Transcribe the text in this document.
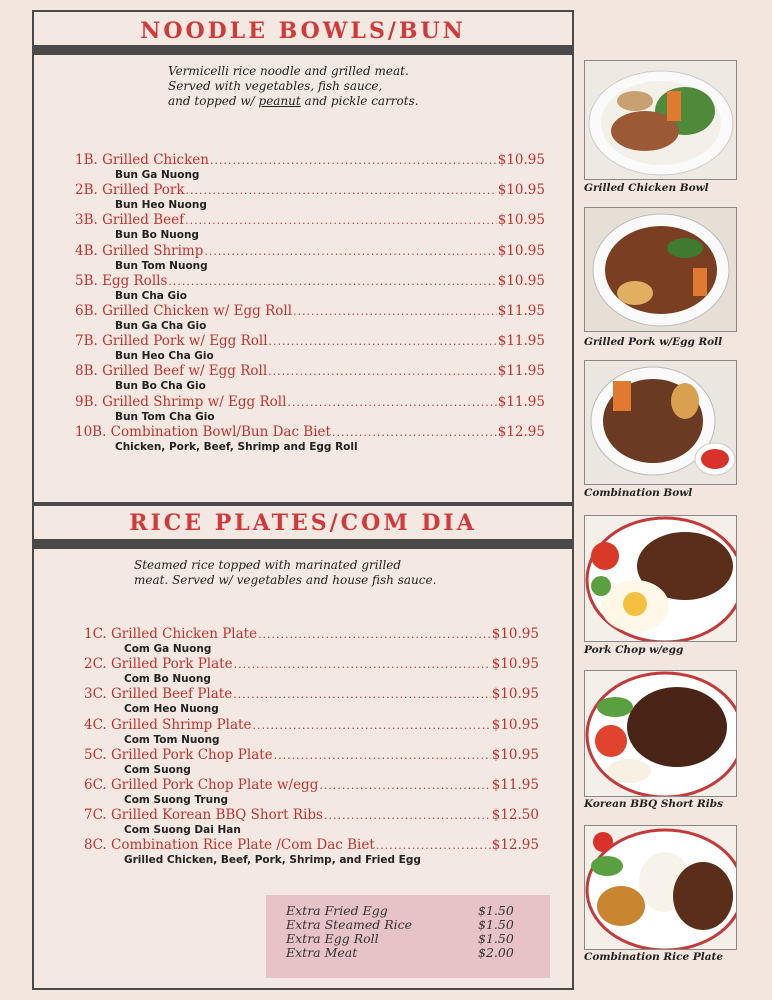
NOODLE BOWLS/BUN
Vermicelli rice noodle and grilled meat.
Served with vegetables, fish sauce,
and topped w/ peanut and pickle carrots.
1B. Grilled Chicken .....	$10.95
Bun Ga Nuong
2B. Grilled Pork .....	$10.95
Bun Heo Nuong
3B. Grilled Beef .....	$10.95
Bun Bo Nuong
4B. Grilled Shrimp .....	$10.95
Bun Tom Nuong
5B. Egg Rolls .....	$10.95
Bun Cha Gio
6B. Grilled Chicken w/ Egg Roll .....	$11.95
Bun Ga Cha Gio
7B. Grilled Pork w/ Egg Roll .....	$11.95
Bun Heo Cha Gio
8B. Grilled Beef w/ Egg Roll .....	$11.95
Bun Bo Cha Gio
9B. Grilled Shrimp w/ Egg Roll .....	$11.95
Bun Tom Cha Gio
10B. Combination Bowl/Bun Dac Biet .....	$12.95
Chicken, Pork, Beef, Shrimp and Egg Roll
RICE PLATES/COM DIA
Steamed rice topped with marinated grilled
meat. Served w/ vegetables and house fish sauce.
1C. Grilled Chicken Plate .....	$10.95
Com Ga Nuong
2C. Grilled Pork Plate .....	$10.95
Com Bo Nuong
3C. Grilled Beef Plate .....	$10.95
Com Heo Nuong
4C. Grilled Shrimp Plate .....	$10.95
Com Tom Nuong
5C. Grilled Pork Chop Plate .....	$10.95
Com Suong
6C. Grilled Pork Chop Plate w/egg .....	$11.95
Com Suong Trung
7C. Grilled Korean BBQ Short Ribs .....	$12.50
Com Suong Dai Han
8C. Combination Rice Plate /Com Dac Biet .....	$12.95
Grilled Chicken, Beef, Pork, Shrimp, and Fried Egg
Extra Fried Egg	$1.50
Extra Steamed Rice	$1.50
Extra Egg Roll	$1.50
Extra Meat	$2.00
Grilled Chicken Bowl
Grilled Pork w/Egg Roll
Combination Bowl
Pork Chop w/egg
Korean BBQ Short Ribs
Combination Rice Plate
